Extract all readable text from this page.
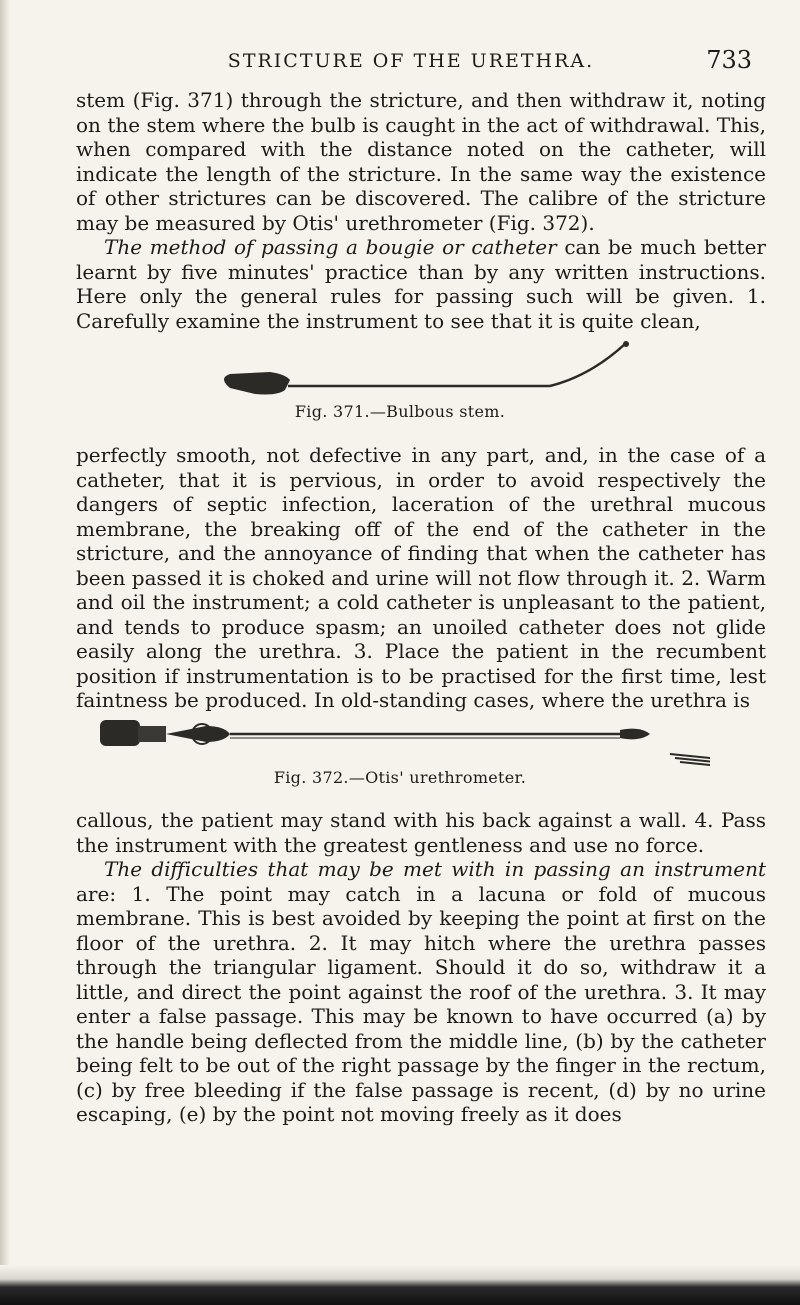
STRICTURE OF THE URETHRA.	733

stem (Fig. 371) through the stricture, and then withdraw it, noting on the stem where the bulb is caught in the act of withdrawal. This, when compared with the distance noted on the catheter, will indicate the length of the stricture. In the same way the existence of other strictures can be discovered. The calibre of the stricture may be measured by Otis' urethrometer (Fig. 372).

The method of passing a bougie or catheter can be much better learnt by five minutes' practice than by any written instructions. Here only the general rules for passing such will be given. 1. Carefully examine the instrument to see that it is quite clean,

Fig. 371.—Bulbous stem.

perfectly smooth, not defective in any part, and, in the case of a catheter, that it is pervious, in order to avoid respectively the dangers of septic infection, laceration of the urethral mucous membrane, the breaking off of the end of the catheter in the stricture, and the annoyance of finding that when the catheter has been passed it is choked and urine will not flow through it. 2. Warm and oil the instrument; a cold catheter is unpleasant to the patient, and tends to produce spasm; an unoiled catheter does not glide easily along the urethra. 3. Place the patient in the recumbent position if instrumentation is to be practised for the first time, lest faintness be produced. In old-standing cases, where the urethra is

Fig. 372.—Otis' urethrometer.

callous, the patient may stand with his back against a wall. 4. Pass the instrument with the greatest gentleness and use no force.

The difficulties that may be met with in passing an instrument are: 1. The point may catch in a lacuna or fold of mucous membrane. This is best avoided by keeping the point at first on the floor of the urethra. 2. It may hitch where the urethra passes through the triangular ligament. Should it do so, withdraw it a little, and direct the point against the roof of the urethra. 3. It may enter a false passage. This may be known to have occurred (a) by the handle being deflected from the middle line, (b) by the catheter being felt to be out of the right passage by the finger in the rectum, (c) by free bleeding if the false passage is recent, (d) by no urine escaping, (e) by the point not moving freely as it does
